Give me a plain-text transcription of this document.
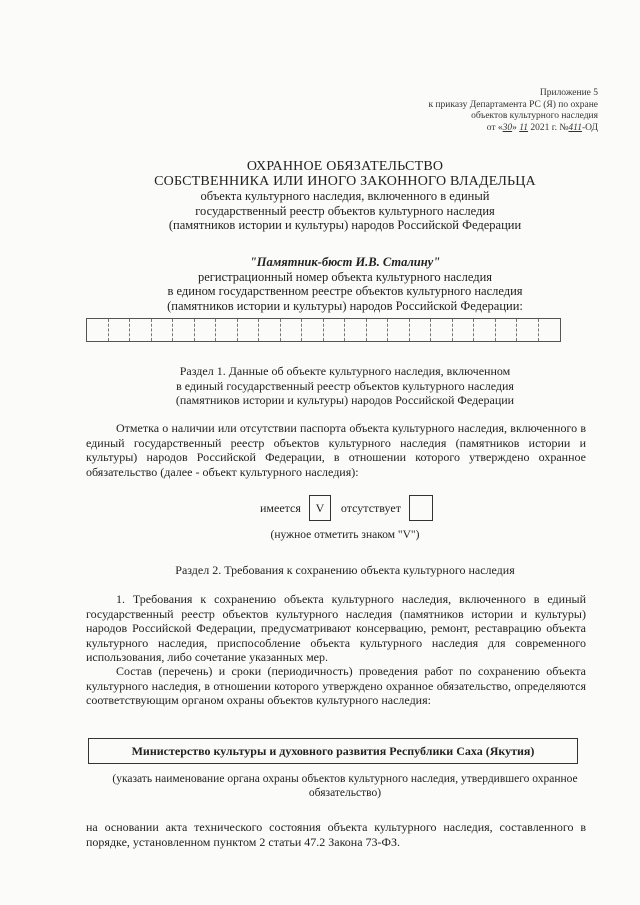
Приложение 5
к приказу Департамента РС (Я) по охране
объектов культурного наследия
от «30» 11 2021 г. №411-ОД
ОХРАННОЕ ОБЯЗАТЕЛЬСТВО
СОБСТВЕННИКА ИЛИ ИНОГО ЗАКОННОГО ВЛАДЕЛЬЦА
объекта культурного наследия, включенного в единый
государственный реестр объектов культурного наследия
(памятников истории и культуры) народов Российской Федерации
"Памятник-бюст И.В. Сталину"
регистрационный номер объекта культурного наследия
в едином государственном реестре объектов культурного наследия
(памятников истории и культуры) народов Российской Федерации:
Раздел 1. Данные об объекте культурного наследия, включенном
в единый государственный реестр объектов культурного наследия
(памятников истории и культуры) народов Российской Федерации
Отметка о наличии или отсутствии паспорта объекта культурного наследия, включенного в единый государственный реестр объектов культурного наследия (памятников истории и культуры) народов Российской Федерации, в отношении которого утверждено охранное обязательство (далее - объект культурного наследия):
имеется	V	отсутствует
(нужное отметить знаком "V")
Раздел 2. Требования к сохранению объекта культурного наследия
1. Требования к сохранению объекта культурного наследия, включенного в единый государственный реестр объектов культурного наследия (памятников истории и культуры) народов Российской Федерации, предусматривают консервацию, ремонт, реставрацию объекта культурного наследия, приспособление объекта культурного наследия для современного использования, либо сочетание указанных мер.
Состав (перечень) и сроки (периодичность) проведения работ по сохранению объекта культурного наследия, в отношении которого утверждено охранное обязательство, определяются соответствующим органом охраны объектов культурного наследия:
Министерство культуры и духовного развития Республики Саха (Якутия)
(указать наименование органа охраны объектов культурного наследия, утвердившего охранное обязательство)
на основании акта технического состояния объекта культурного наследия, составленного в порядке, установленном пунктом 2 статьи 47.2 Закона 73-ФЗ.
